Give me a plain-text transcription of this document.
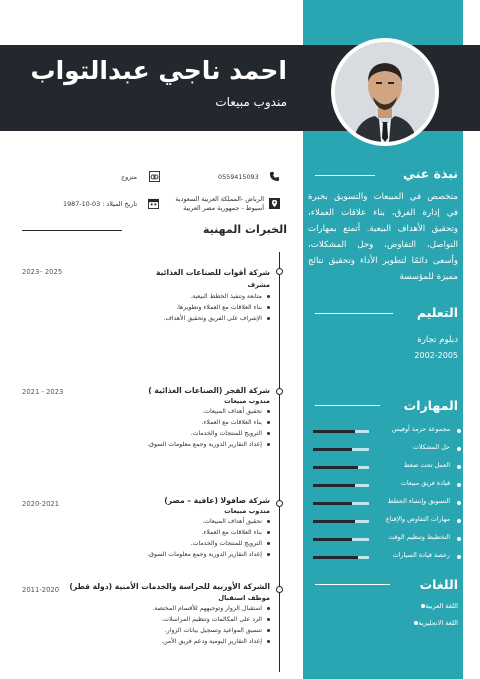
احمد ناجي عبدالتواب
مندوب مبيعات
0559415093
متزوج
الرياض -المملكة العربية السعودية
أسيوط - جمهورية مصر العربية
تاريخ الميلاد : 03-10-1987
الخبرات المهنية
2023– 2025	شركة أقوات للصناعات الغذائية
مشرف
متابعة وتنفيذ الخطط البيعية.
بناء العلاقات مع العملاء وتطويرها.
الإشراف على الفريق وتحقيق الأهداف.
2021 - 2023	شركة الفجر (الصناعات الغذائية )
مندوب مبيعات
تحقيق أهداف المبيعات.
بناء العلاقات مع العملاء.
الترويج للمنتجات والخدمات.
إعداد التقارير الدورية وجمع معلومات السوق.
2020-2021	شركة صافولا (عافية – مصر)
مندوب مبيعات
تحقيق أهداف المبيعات.
بناء العلاقات مع العملاء.
الترويج للمنتجات والخدمات.
إعداد التقارير الدورية وجمع معلومات السوق.
2011-2020 الشركة الأوربية للحراسة والخدمات الأمنية (دولة قطر)
موظف استقبال
استقبال الزوار وتوجيههم للأقسام المختصة.
الرد على المكالمات وتنظيم المراسلات.
تنسيق المواعيد وتسجيل بيانات الزوار.
إعداد التقارير اليومية ودعم فريق الأمن.
نبذة عني
متخصص في المبيعات والتسويق بخبرة في إدارة الفرق، بناء علاقات العملاء، وتحقيق الأهداف البيعية. أتمتع بمهارات التواصل، التفاوض، وحل المشكلات، وأسعى دائمًا لتطوير الأداء وتحقيق نتائج مميزة للمؤسسة
التعليم
دبلوم تجارة
2002-2005
المهارات
مجموعة حزمة أوفيس
حل المشكلات
العمل تحت ضغط
قيادة فريق مبيعات
التسويق وإنشاء الخطط
مهارات التفاوض والإقناع
التخطيط وتنظيم الوقت
رخصة قيادة السيارات
اللغات
اللغة العربية
اللغة الانجليزية
